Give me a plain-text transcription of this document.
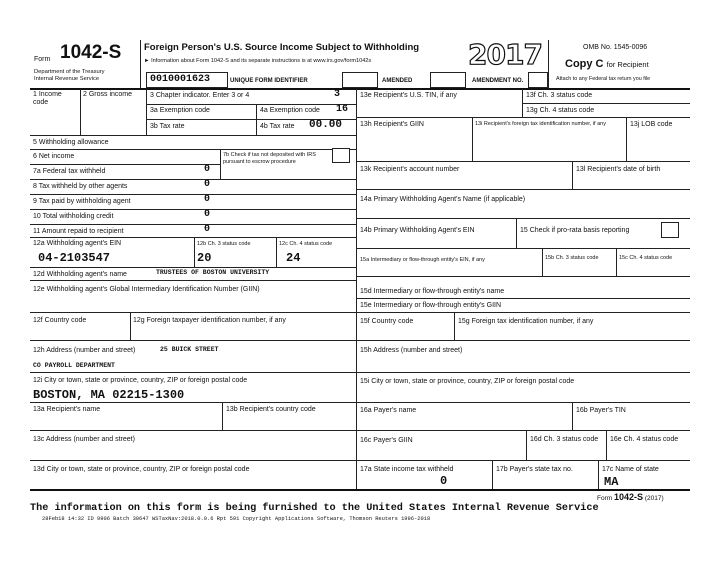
Form 1042-S
Department of the Treasury
Internal Revenue Service
Foreign Person's U.S. Source Income Subject to Withholding
► Information about Form 1042-S and its separate instructions is at www.irs.gov/form1042s	2017	OMB No. 1545-0096
Copy C for Recipient
Attach to any Federal tax return you file
0010001623	UNIQUE FORM IDENTIFIER	AMENDED	AMENDMENT NO.
1 Income code
2 Gross income	3 Chapter indicator. Enter 3 or 4	3
3a Exemption code	4a Exemption code 16
3b Tax rate	4b Tax rate 00.00
5 Withholding allowance
6 Net income	7b Check if tax not deposited with IRS pursuant to escrow procedure
7a Federal tax withheld	0
8 Tax withheld by other agents	0
9 Tax paid by withholding agent	0
10 Total withholding credit	0
11 Amount repaid to recipient	0
12a Withholding agent's EIN	12b Ch. 3 status code	12c Ch. 4 status code
04-2103547	20	24
12d Withholding agent's name	TRUSTEES OF BOSTON UNIVERSITY
12e Withholding agent's Global Intermediary Identification Number (GIIN)
12f Country code	12g Foreign taxpayer identification number, if any
12h Address (number and street)	25 BUICK STREET
CO PAYROLL DEPARTMENT
12i City or town, state or province, country, ZIP or foreign postal code
BOSTON, MA 02215-1300
13a Recipient's name	13b Recipient's country code
13c Address (number and street)
13d City or town, state or province, country, ZIP or foreign postal code
13e Recipient's U.S. TIN, if any	13f Ch. 3 status code
13g Ch. 4 status code
13h Recipient's GIIN	13i Recipient's foreign tax identification number, if any	13j LOB code
13k Recipient's account number	13l Recipient's date of birth
14a Primary Withholding Agent's Name (if applicable)
14b Primary Withholding Agent's EIN	15 Check if pro-rata basis reporting
15a Intermediary or flow-through entity's EIN, if any	15b Ch. 3 status code	15c Ch. 4 status code
15d Intermediary or flow-through entity's name
15e Intermediary or flow-through entity's GIIN
15f Country code	15g Foreign tax identification number, if any
15h Address (number and street)
15i City or town, state or province, country, ZIP or foreign postal code
16a Payer's name	16b Payer's TIN
16c Payer's GIIN	16d Ch. 3 status code	16e Ch. 4 status code
17a State income tax withheld
0
17b Payer's state tax no.	17c Name of state
MA
Form 1042-S (2017)
The information on this form is being furnished to the United States Internal Revenue Service
28Feb18 14:32 ID 9906 Batch 30647 WSTaxNav:2018.0.0.6 Rpt 591 Copyright Applications Software, Thomson Reuters 1996-2018
